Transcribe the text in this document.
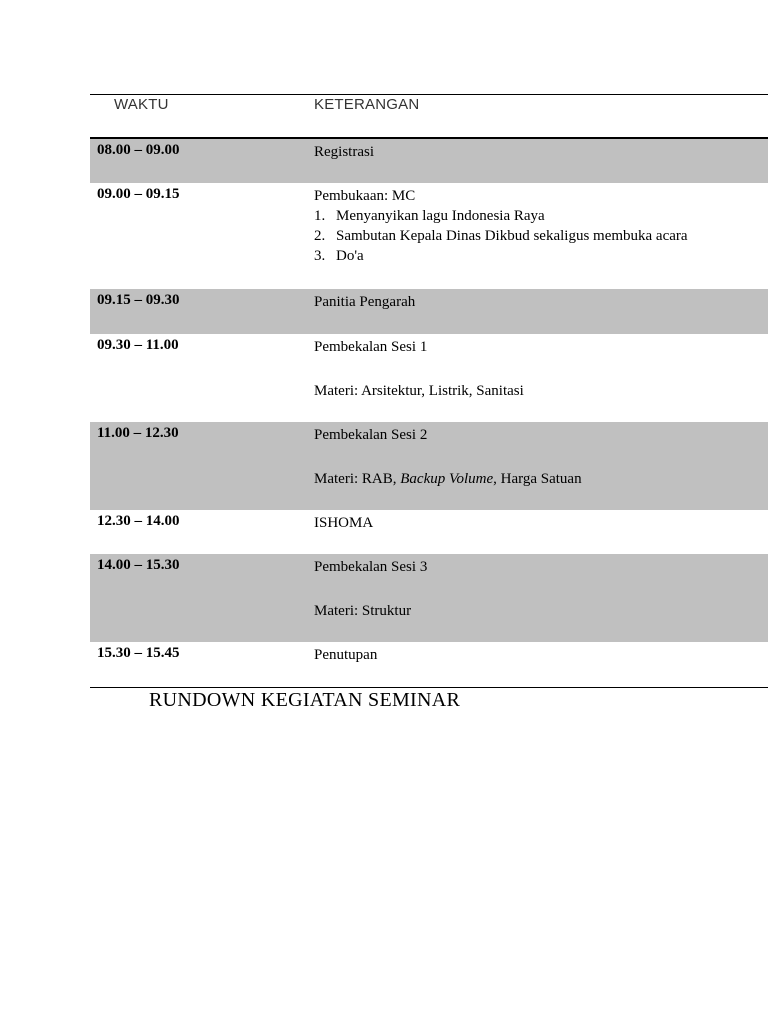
WAKTU	KETERANGAN
08.00 – 09.00	Registrasi
09.00 – 09.15	Pembukaan: MC
1. Menyanyikan lagu Indonesia Raya
2. Sambutan Kepala Dinas Dikbud sekaligus membuka acara
3. Do'a
09.15 – 09.30	Panitia Pengarah
09.30 – 11.00	Pembekalan Sesi 1
Materi: Arsitektur, Listrik, Sanitasi
11.00 – 12.30	Pembekalan Sesi 2
Materi: RAB, Backup Volume, Harga Satuan
12.30 – 14.00	ISHOMA
14.00 – 15.30	Pembekalan Sesi 3
Materi: Struktur
15.30 – 15.45	Penutupan
RUNDOWN KEGIATAN SEMINAR
